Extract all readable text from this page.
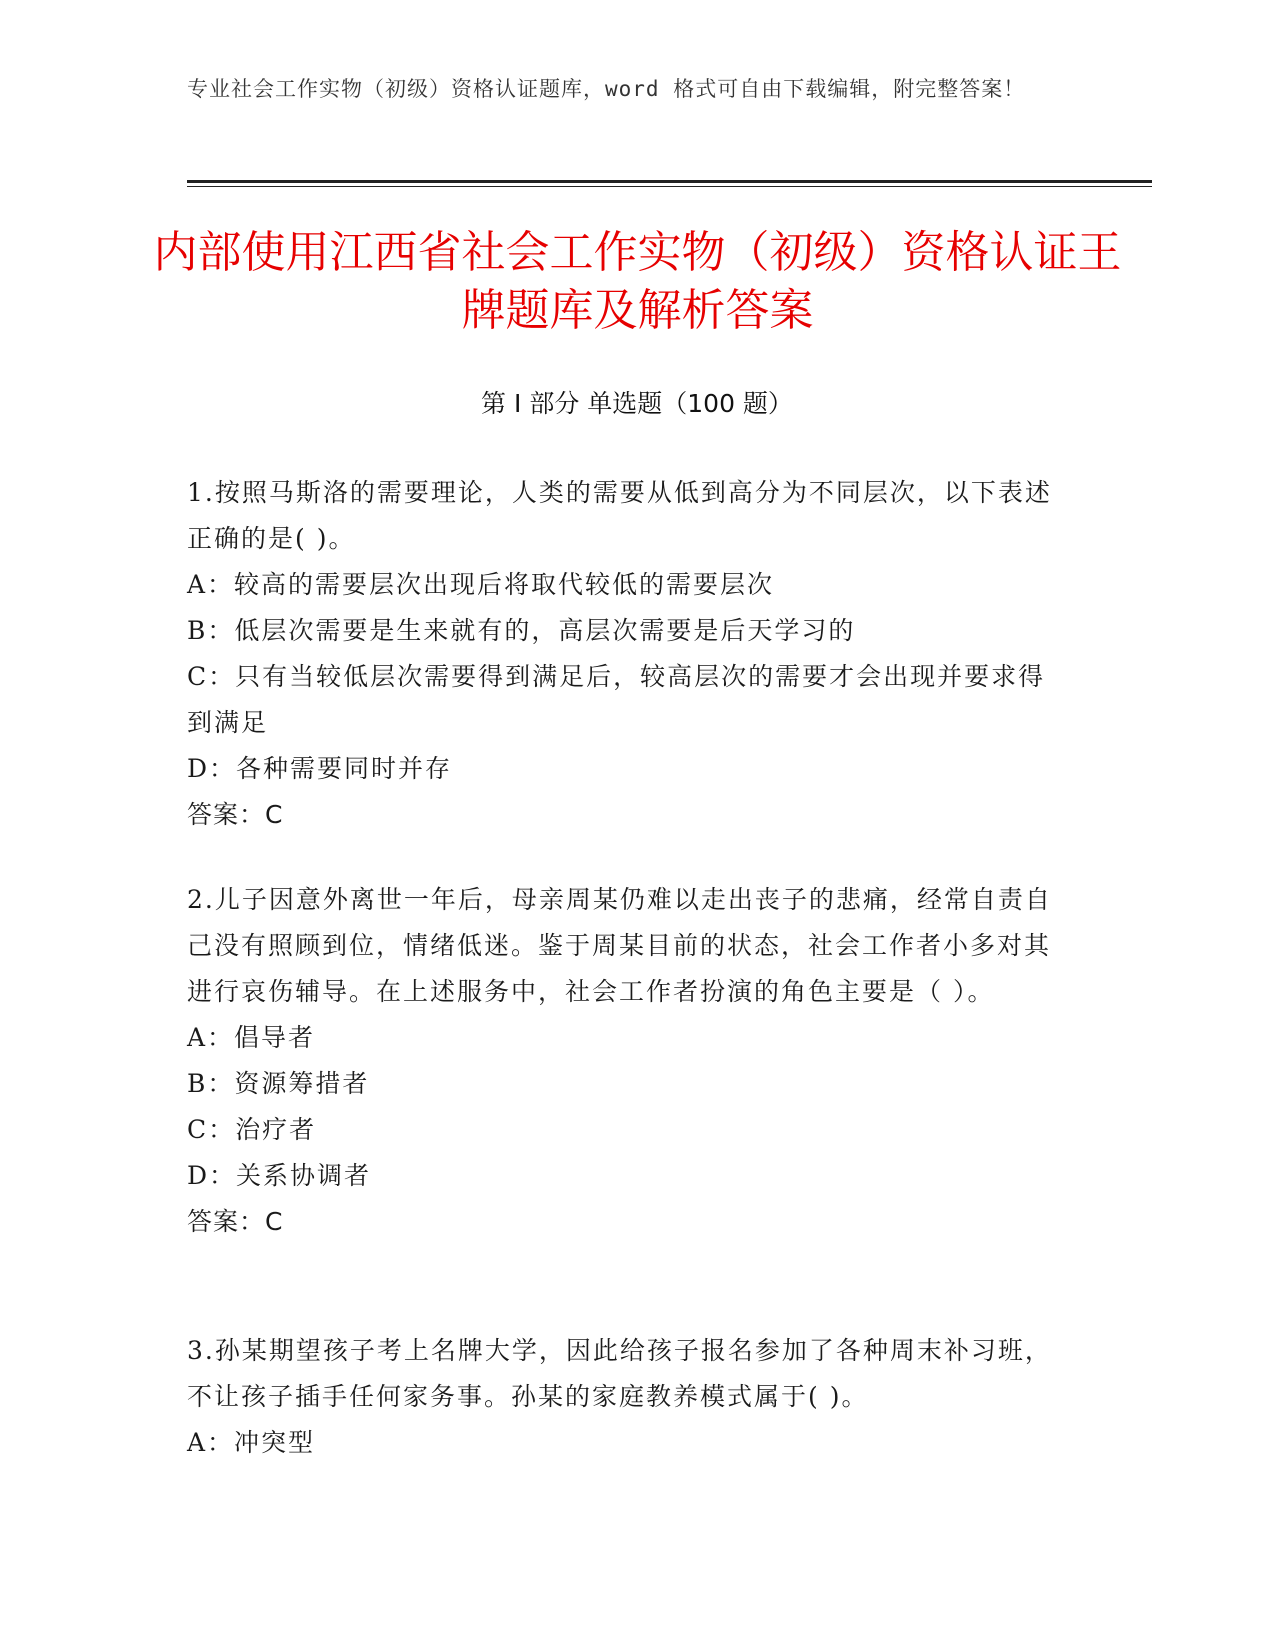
专业社会工作实物（初级）资格认证题库，word 格式可自由下载编辑，附完整答案！
内部使用江西省社会工作实物（初级）资格认证王牌题库及解析答案
第 I 部分 单选题（100 题）

1.按照马斯洛的需要理论，人类的需要从低到高分为不同层次，以下表述正确的是( )。

A：较高的需要层次出现后将取代较低的需要层次

B：低层次需要是生来就有的，高层次需要是后天学习的

C：只有当较低层次需要得到满足后，较高层次的需要才会出现并要求得到满足

D：各种需要同时并存

答案：C

2.儿子因意外离世一年后，母亲周某仍难以走出丧子的悲痛，经常自责自己没有照顾到位，情绪低迷。鉴于周某目前的状态，社会工作者小多对其进行哀伤辅导。在上述服务中，社会工作者扮演的角色主要是（ ）。

A：倡导者

B：资源筹措者

C：治疗者

D：关系协调者

答案：C

3.孙某期望孩子考上名牌大学，因此给孩子报名参加了各种周末补习班，不让孩子插手任何家务事。孙某的家庭教养模式属于( )。

A：冲突型
